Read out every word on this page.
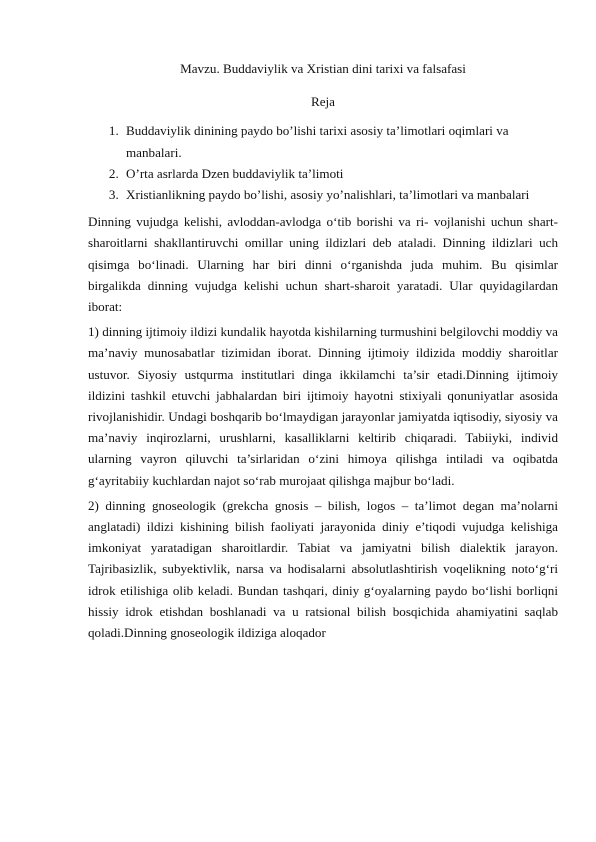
Mavzu. Buddaviylik va Xristian dini tarixi va falsafasi
Reja
1. Buddaviylik dinining paydo bo’lishi tarixi asosiy ta’limotlari oqimlari va manbalari.
2. O’rta asrlarda Dzen buddaviylik ta’limoti
3. Xristianlikning paydo bo’lishi, asosiy yo’nalishlari, ta’limotlari va manbalari

Dinning vujudga kelishi, avloddan-avlodga o‘tib borishi va ri- vojlanishi uchun shart-sharoitlarni shakllantiruvchi omillar uning ildizlari deb ataladi. Dinning ildizlari uch qisimga bo‘linadi. Ularning har biri dinni o‘rganishda juda muhim. Bu qisimlar birgalikda dinning vujudga kelishi uchun shart-sharoit yaratadi. Ular quyidagilardan iborat:

1) dinning ijtimoiy ildizi kundalik hayotda kishilarning turmushini belgilovchi moddiy va ma’naviy munosabatlar tizimidan iborat. Dinning ijtimoiy ildizida moddiy sharoitlar ustuvor. Siyosiy ustqurma institutlari dinga ikkilamchi ta’sir etadi.Dinning ijtimoiy ildizini tashkil etuvchi jabhalardan biri ijtimoiy hayotni stixiyali qonuniyatlar asosida rivojlanishidir. Undagi boshqarib bo‘lmaydigan jarayonlar jamiyatda iqtisodiy, siyosiy va ma’naviy inqirozlarni, urushlarni, kasalliklarni keltirib chiqaradi. Tabiiyki, individ ularning vayron qiluvchi ta’sirlaridan o‘zini himoya qilishga intiladi va oqibatda g‘ayritabiiy kuchlardan najot so‘rab murojaat qilishga majbur bo‘ladi.

2) dinning gnoseologik (grekcha gnosis – bilish, logos – ta’limot degan ma’nolarni anglatadi) ildizi kishining bilish faoliyati jarayonida diniy e’tiqodi vujudga kelishiga imkoniyat yaratadigan sharoitlardir. Tabiat va jamiyatni bilish dialektik jarayon. Tajribasizlik, subyektivlik, narsa va hodisalarni absolutlashtirish voqelikning noto‘g‘ri idrok etilishiga olib keladi. Bundan tashqari, diniy g‘oyalarning paydo bo‘lishi borliqni hissiy idrok etishdan boshlanadi va u ratsional bilish bosqichida ahamiyatini saqlab qoladi.Dinning gnoseologik ildiziga aloqador
